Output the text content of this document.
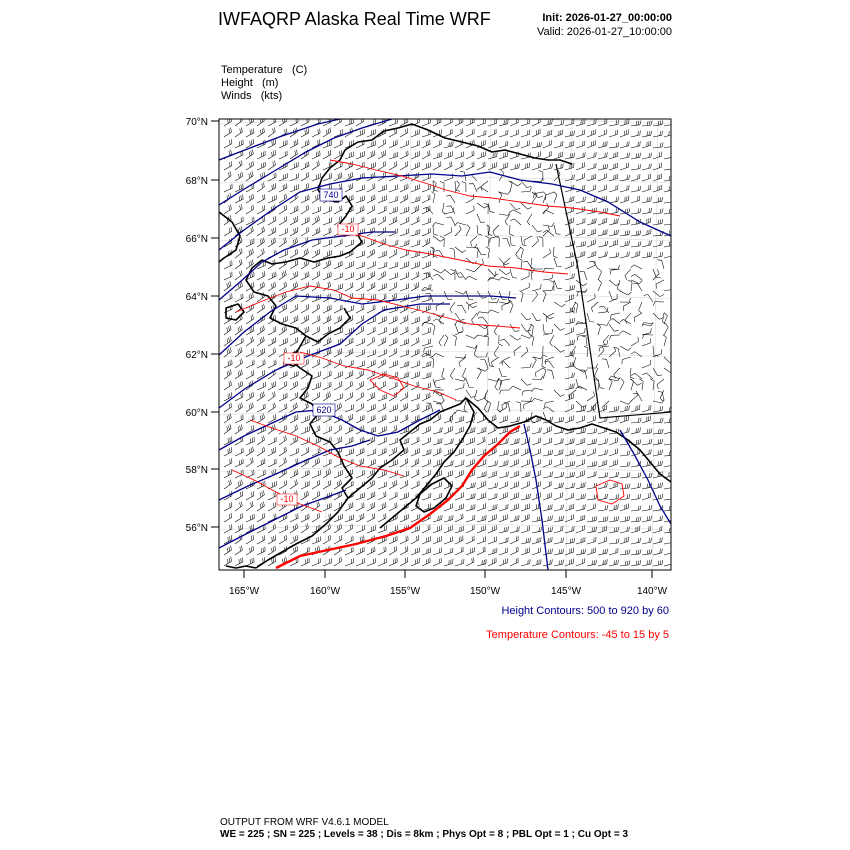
IWFAQRP Alaska Real Time WRF	Init: 2026-01-27_00:00:00
Valid: 2026-01-27_10:00:00
Temperature (C)
Height (m)
Winds (kts)
740
620
-10
-10
-10
70°N
68°N
66°N
64°N
62°N
60°N
58°N
56°N
165°W	160°W	155°W	150°W	145°W	140°W
Height Contours: 500 to 920 by 60
Temperature Contours: -45 to 15 by 5
OUTPUT FROM WRF V4.6.1 MODEL
WE = 225 ; SN = 225 ; Levels = 38 ; Dis = 8km ; Phys Opt = 8 ; PBL Opt = 1 ; Cu Opt = 3
